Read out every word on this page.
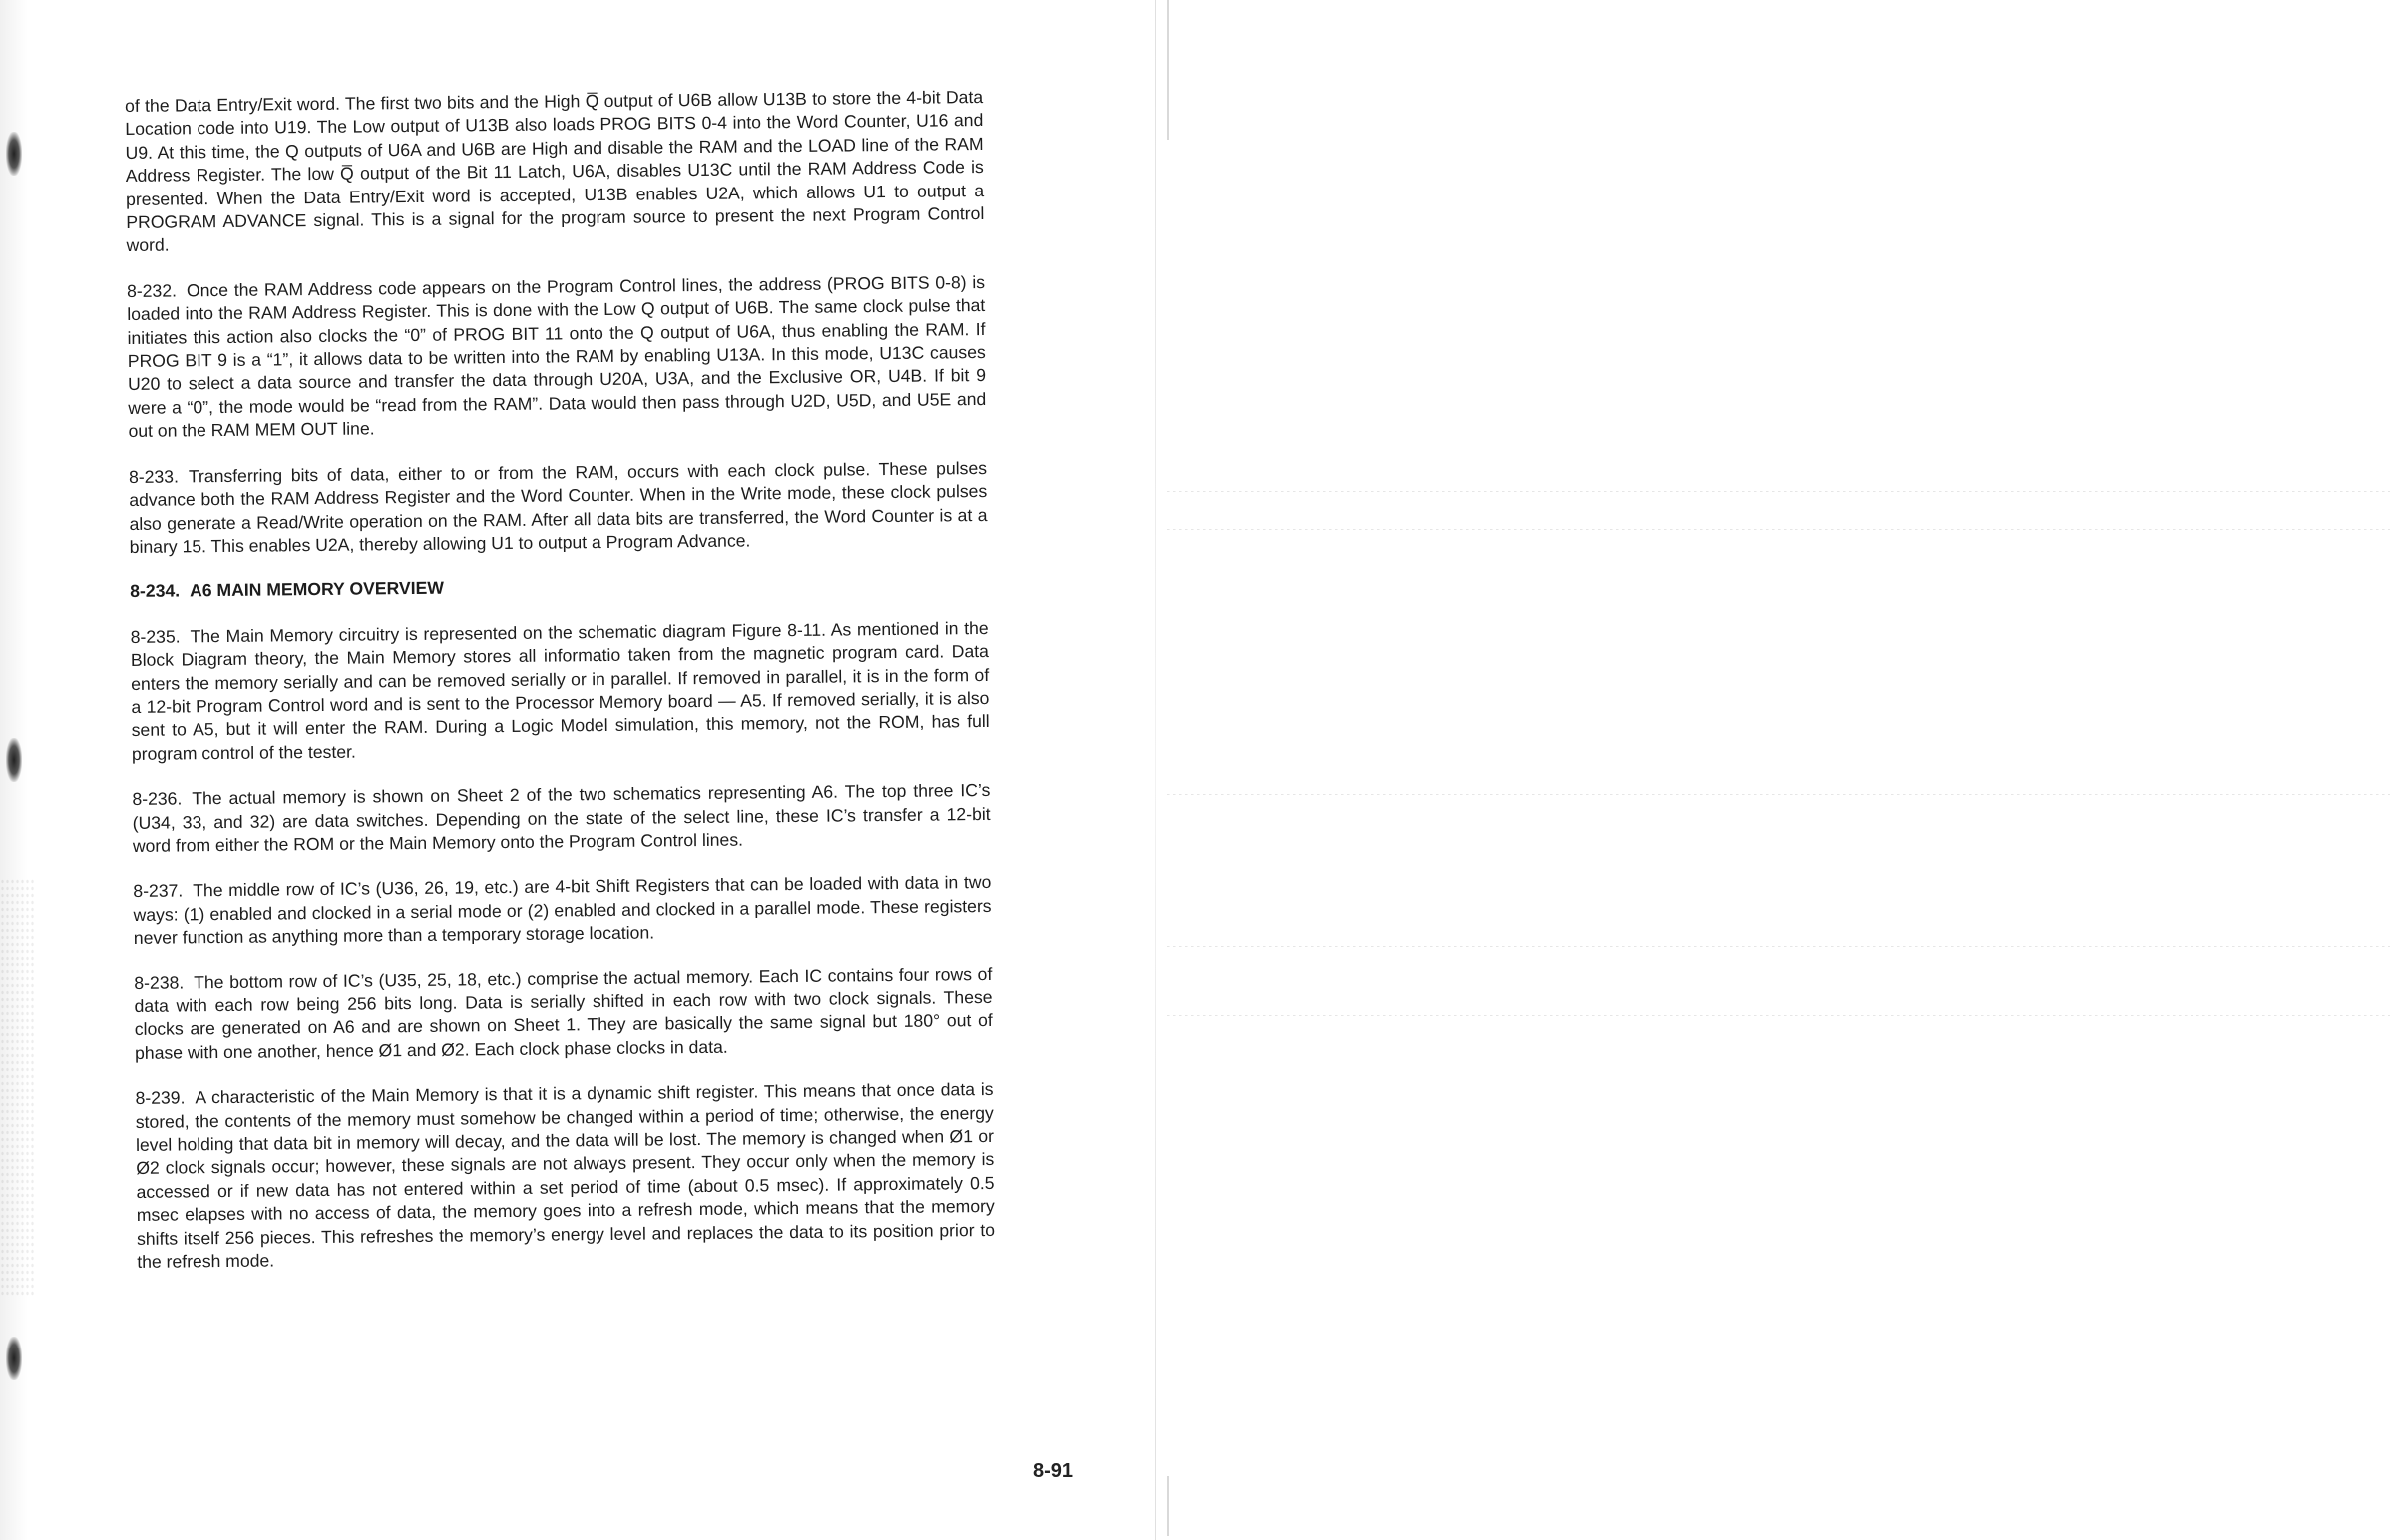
of the Data Entry/Exit word. The first two bits and the High Q̅ output of U6B allow U13B to store the 4-bit Data Location code into U19. The Low output of U13B also loads PROG BITS 0-4 into the Word Counter, U16 and U9. At this time, the Q outputs of U6A and U6B are High and disable the RAM and the LOAD line of the RAM Address Register. The low Q̅ output of the Bit 11 Latch, U6A, disables U13C until the RAM Address Code is presented. When the Data Entry/Exit word is accepted, U13B enables U2A, which allows U1 to output a PROGRAM ADVANCE signal. This is a signal for the program source to present the next Program Control word.

8-232. Once the RAM Address code appears on the Program Control lines, the address (PROG BITS 0-8) is loaded into the RAM Address Register. This is done with the Low Q output of U6B. The same clock pulse that initiates this action also clocks the “0” of PROG BIT 11 onto the Q output of U6A, thus enabling the RAM. If PROG BIT 9 is a “1”, it allows data to be written into the RAM by enabling U13A. In this mode, U13C causes U20 to select a data source and transfer the data through U20A, U3A, and the Exclusive OR, U4B. If bit 9 were a “0”, the mode would be “read from the RAM”. Data would then pass through U2D, U5D, and U5E and out on the RAM MEM OUT line.

8-233. Transferring bits of data, either to or from the RAM, occurs with each clock pulse. These pulses advance both the RAM Address Register and the Word Counter. When in the Write mode, these clock pulses also generate a Read/Write operation on the RAM. After all data bits are transferred, the Word Counter is at a binary 15. This enables U2A, thereby allowing U1 to output a Program Advance.

8-234. A6 MAIN MEMORY OVERVIEW

8-235. The Main Memory circuitry is represented on the schematic diagram Figure 8-11. As mentioned in the Block Diagram theory, the Main Memory stores all informatio taken from the magnetic program card. Data enters the memory serially and can be removed serially or in parallel. If removed in parallel, it is in the form of a 12-bit Program Control word and is sent to the Processor Memory board — A5. If removed serially, it is also sent to A5, but it will enter the RAM. During a Logic Model simulation, this memory, not the ROM, has full program control of the tester.

8-236. The actual memory is shown on Sheet 2 of the two schematics representing A6. The top three IC’s (U34, 33, and 32) are data switches. Depending on the state of the select line, these IC’s transfer a 12-bit word from either the ROM or the Main Memory onto the Program Control lines.

8-237. The middle row of IC’s (U36, 26, 19, etc.) are 4-bit Shift Registers that can be loaded with data in two ways: (1) enabled and clocked in a serial mode or (2) enabled and clocked in a parallel mode. These registers never function as anything more than a temporary storage location.

8-238. The bottom row of IC’s (U35, 25, 18, etc.) comprise the actual memory. Each IC contains four rows of data with each row being 256 bits long. Data is serially shifted in each row with two clock signals. These clocks are generated on A6 and are shown on Sheet 1. They are basically the same signal but 180° out of phase with one another, hence Ø1 and Ø2. Each clock phase clocks in data.

8-239. A characteristic of the Main Memory is that it is a dynamic shift register. This means that once data is stored, the contents of the memory must somehow be changed within a period of time; otherwise, the energy level holding that data bit in memory will decay, and the data will be lost. The memory is changed when Ø1 or Ø2 clock signals occur; however, these signals are not always present. They occur only when the memory is accessed or if new data has not entered within a set period of time (about 0.5 msec). If approximately 0.5 msec elapses with no access of data, the memory goes into a refresh mode, which means that the memory shifts itself 256 pieces. This refreshes the memory’s energy level and replaces the data to its position prior to the refresh mode.

8-91
